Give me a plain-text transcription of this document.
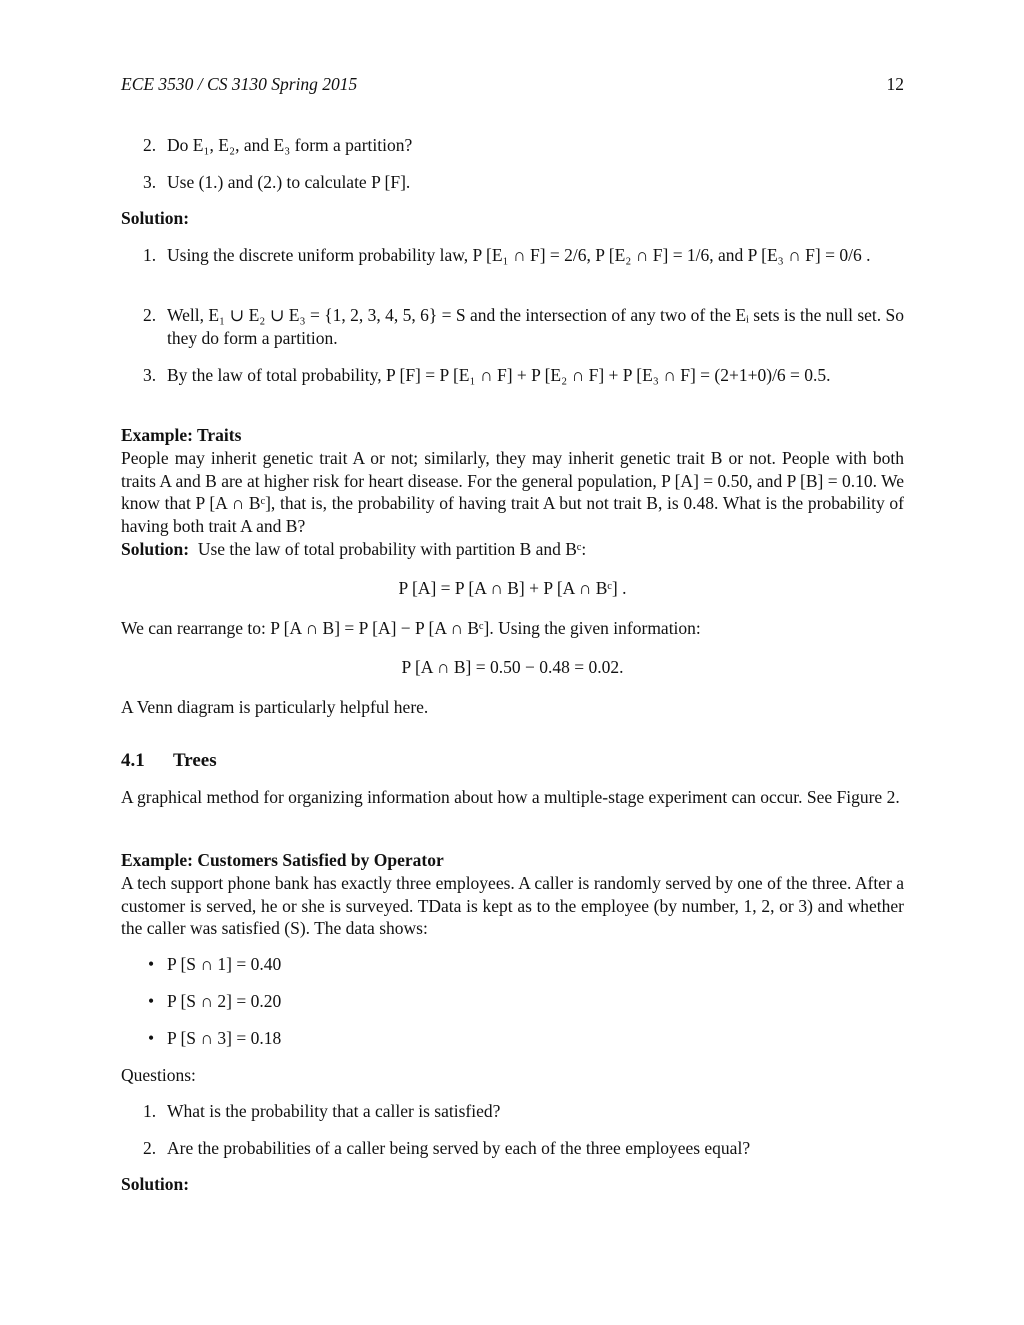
ECE 3530 / CS 3130 Spring 2015	12
2. Do E₁, E₂, and E₃ form a partition?
3. Use (1.) and (2.) to calculate P [F].
Solution:
1. Using the discrete uniform probability law, P [E₁ ∩ F] = 2/6, P [E₂ ∩ F] = 1/6, and P [E₃ ∩ F] = 0/6 .
2. Well, E₁ ∪ E₂ ∪ E₃ = {1, 2, 3, 4, 5, 6} = S and the intersection of any two of the Eᵢ sets is the null set. So they do form a partition.
3. By the law of total probability, P [F] = P [E₁ ∩ F] + P [E₂ ∩ F] + P [E₃ ∩ F] = (2+1+0)/6 = 0.5.
Example: Traits
People may inherit genetic trait A or not; similarly, they may inherit genetic trait B or not. People with both traits A and B are at higher risk for heart disease. For the general population, P [A] = 0.50, and P [B] = 0.10. We know that P [A ∩ Bᶜ], that is, the probability of having trait A but not trait B, is 0.48. What is the probability of having both trait A and B?
Solution: Use the law of total probability with partition B and Bᶜ:
P [A] = P [A ∩ B] + P [A ∩ Bᶜ] .
We can rearrange to: P [A ∩ B] = P [A] − P [A ∩ Bᶜ]. Using the given information:
P [A ∩ B] = 0.50 − 0.48 = 0.02.
A Venn diagram is particularly helpful here.
4.1 Trees
A graphical method for organizing information about how a multiple-stage experiment can occur. See Figure 2.
Example: Customers Satisfied by Operator
A tech support phone bank has exactly three employees. A caller is randomly served by one of the three. After a customer is served, he or she is surveyed. TData is kept as to the employee (by number, 1, 2, or 3) and whether the caller was satisfied (S). The data shows:
• P [S ∩ 1] = 0.40
• P [S ∩ 2] = 0.20
• P [S ∩ 3] = 0.18
Questions:
1. What is the probability that a caller is satisfied?
2. Are the probabilities of a caller being served by each of the three employees equal?
Solution:
